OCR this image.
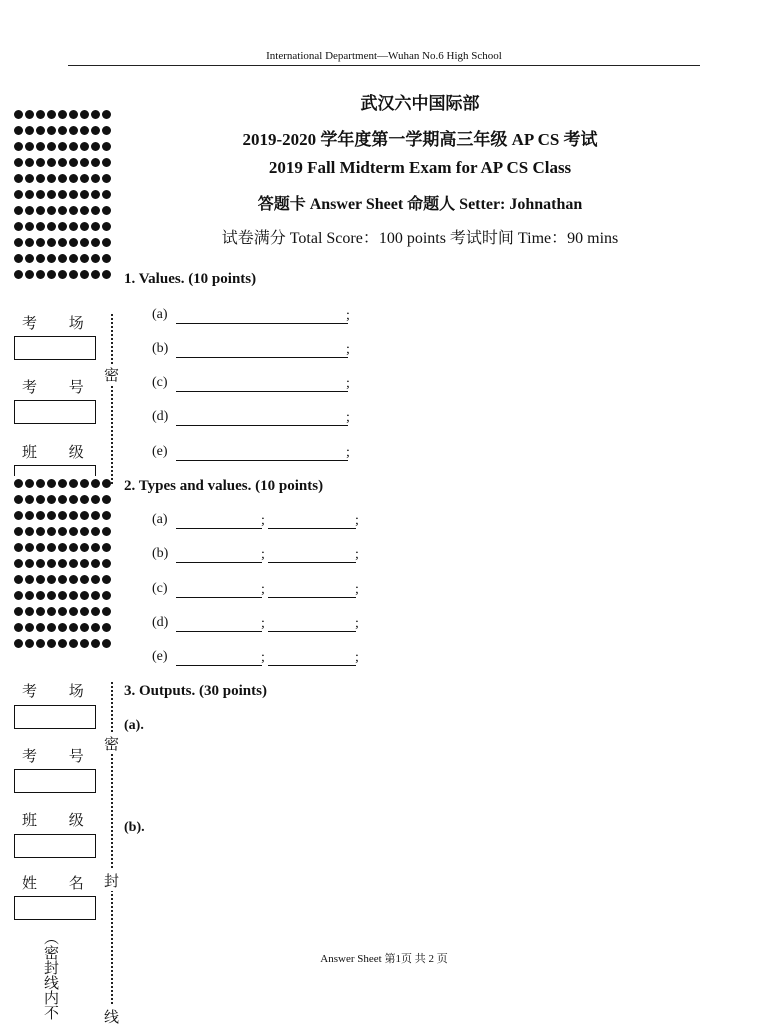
International Department—Wuhan No.6 High School
武汉六中国际部
2019-2020 学年度第一学期高三年级 AP CS 考试
2019 Fall Midterm Exam for AP CS Class
答题卡 Answer Sheet 命题人 Setter: Johnathan
试卷满分 Total Score：100 points 考试时间 Time：90 mins
1. Values. (10 points)
(a)	;
(b)	;
(c)	;
(d)	;
(e)	;
2. Types and values. (10 points)
(a)	;	;
(b)	;	;
(c)	;	;
(d)	;	;
(e)	;	;
3. Outputs. (30 points)
(a).
(b).
考 场
考 号
班 级
考 场
考 号
班 级
姓 名
密
密
封
线
（密封线内不	Answer Sheet 第1页 共 2 页
